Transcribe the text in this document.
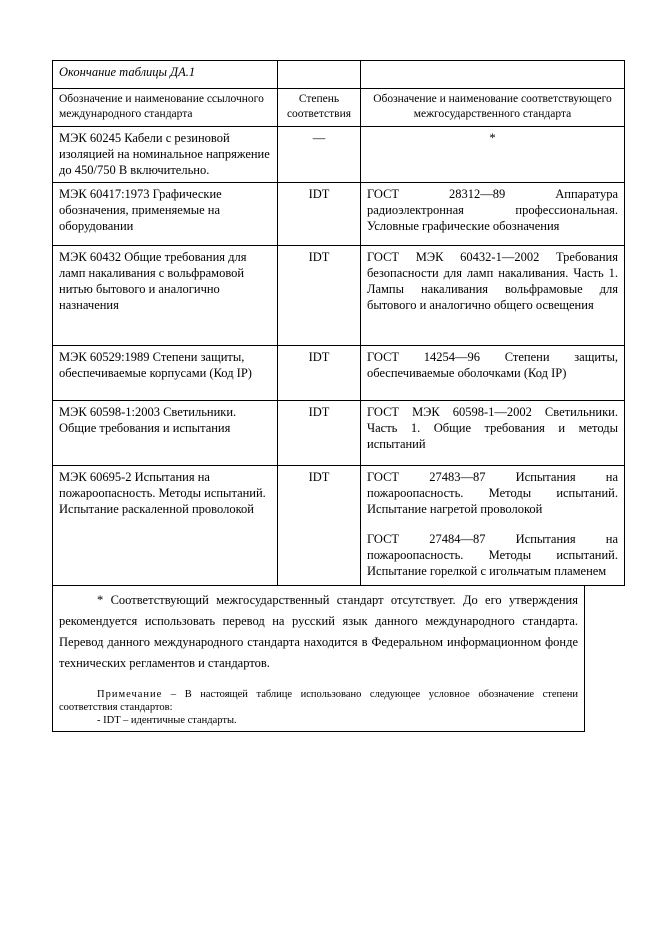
Окончание таблицы ДА.1		
Обозначение и наименование ссылочного международного стандарта	Степень соответствия	Обозначение и наименование соответствующего межгосударственного стандарта
МЭК 60245 Кабели с резиновой изоляцией на номинальное напряжение до 450/750 В включительно.	—	*
МЭК 60417:1973 Графические обозначения, применяемые на оборудовании	IDT	ГОСТ 28312—89 Аппаратура радиоэлектронная профессиональная. Условные графические обозначения
МЭК 60432 Общие требования для ламп накаливания с вольфрамовой нитью бытового и аналогично назначения	IDT	ГОСТ МЭК 60432-1—2002 Требования безопасности для ламп накаливания. Часть 1. Лампы накаливания вольфрамовые для бытового и аналогично общего освещения
МЭК 60529:1989 Степени защиты, обеспечиваемые корпусами (Код IP)	IDT	ГОСТ 14254—96 Степени защиты, обеспечиваемые оболочками (Код IP)
МЭК 60598-1:2003 Светильники. Общие требования и испытания	IDT	ГОСТ МЭК 60598-1—2002 Светильники. Часть 1. Общие требования и методы испытаний
МЭК 60695-2 Испытания на пожароопасность. Методы испытаний. Испытание раскаленной проволокой	IDT	ГОСТ 27483—87 Испытания на пожароопасность. Методы испытаний. Испытание нагретой проволокой
ГОСТ 27484—87 Испытания на пожароопасность. Методы испытаний. Испытание горелкой с игольчатым пламенем

* Соответствующий межгосударственный стандарт отсутствует. До его утверждения рекомендуется использовать перевод на русский язык данного международного стандарта. Перевод данного международного стандарта находится в Федеральном информационном фонде технических регламентов и стандартов.

Примечание – В настоящей таблице использовано следующее условное обозначение степени соответствия стандартов:

- IDT – идентичные стандарты.
